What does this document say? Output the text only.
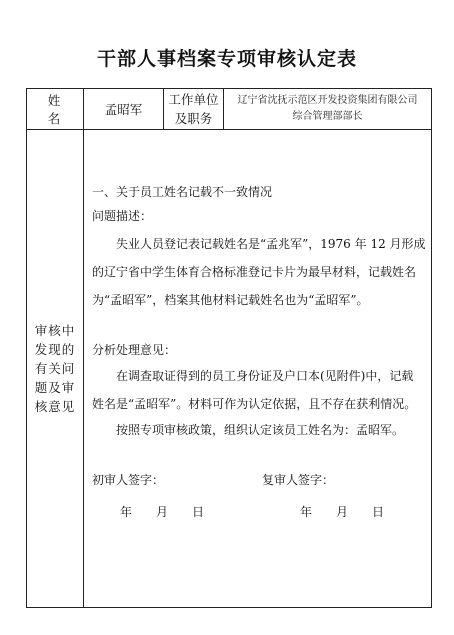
干部人事档案专项审核认定表
姓 名
孟昭军
工作单位
及职务
辽宁省沈抚示范区开发投资集团有限公司
综合管理部部长
审核中
发现的
有关问
题及审
核意见
一、关于员工姓名记载不一致情况
问题描述：
失业人员登记表记载姓名是“孟兆军”，1976 年 12 月形成
的辽宁省中学生体育合格标准登记卡片为最早材料，记载姓名
为“孟昭军”，档案其他材料记载姓名也为“孟昭军”。
分析处理意见：
在调查取证得到的员工身份证及户口本(见附件)中，记载
姓名是“孟昭军”。材料可作为认定依据，且不存在获利情况。
按照专项审核政策，组织认定该员工姓名为：孟昭军。
初审人签字：	复审人签字：
年　　月　　日	年　　月　　日
